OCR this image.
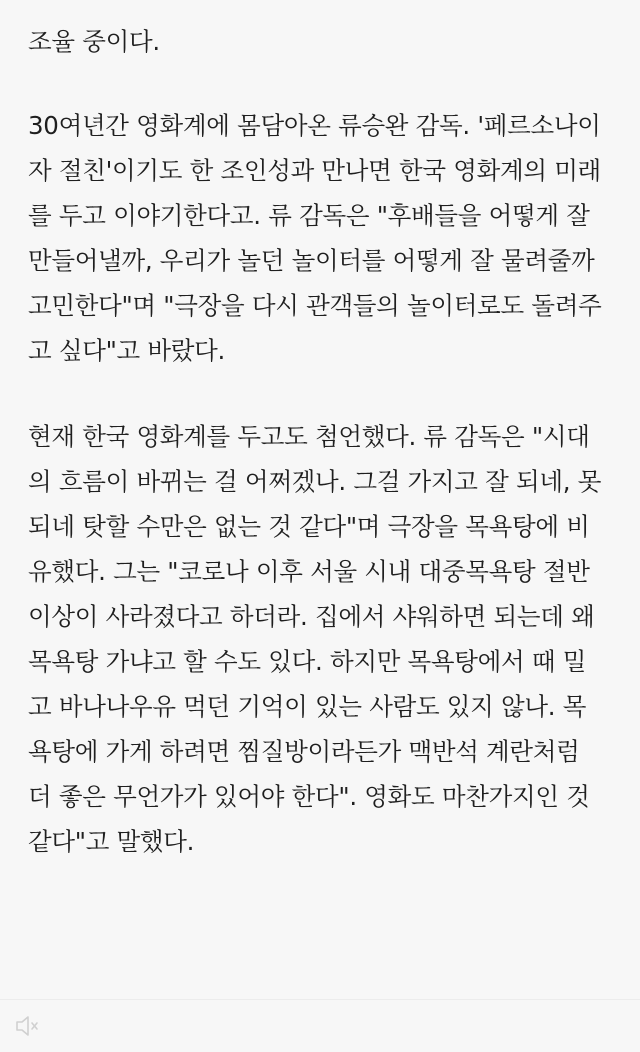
조율 중이다.
30여년간 영화계에 몸담아온 류승완 감독. '페르소나이
자 절친'이기도 한 조인성과 만나면 한국 영화계의 미래
를 두고 이야기한다고. 류 감독은 "후배들을 어떻게 잘
만들어낼까, 우리가 놀던 놀이터를 어떻게 잘 물려줄까
고민한다"며 "극장을 다시 관객들의 놀이터로도 돌려주
고 싶다"고 바랐다.
현재 한국 영화계를 두고도 첨언했다. 류 감독은 "시대
의 흐름이 바뀌는 걸 어쩌겠나. 그걸 가지고 잘 되네, 못
되네 탓할 수만은 없는 것 같다"며 극장을 목욕탕에 비
유했다. 그는 "코로나 이후 서울 시내 대중목욕탕 절반
이상이 사라졌다고 하더라. 집에서 샤워하면 되는데 왜
목욕탕 가냐고 할 수도 있다. 하지만 목욕탕에서 때 밀
고 바나나우유 먹던 기억이 있는 사람도 있지 않나. 목
욕탕에 가게 하려면 찜질방이라든가 맥반석 계란처럼
더 좋은 무언가가 있어야 한다". 영화도 마찬가지인 것
같다"고 말했다.
